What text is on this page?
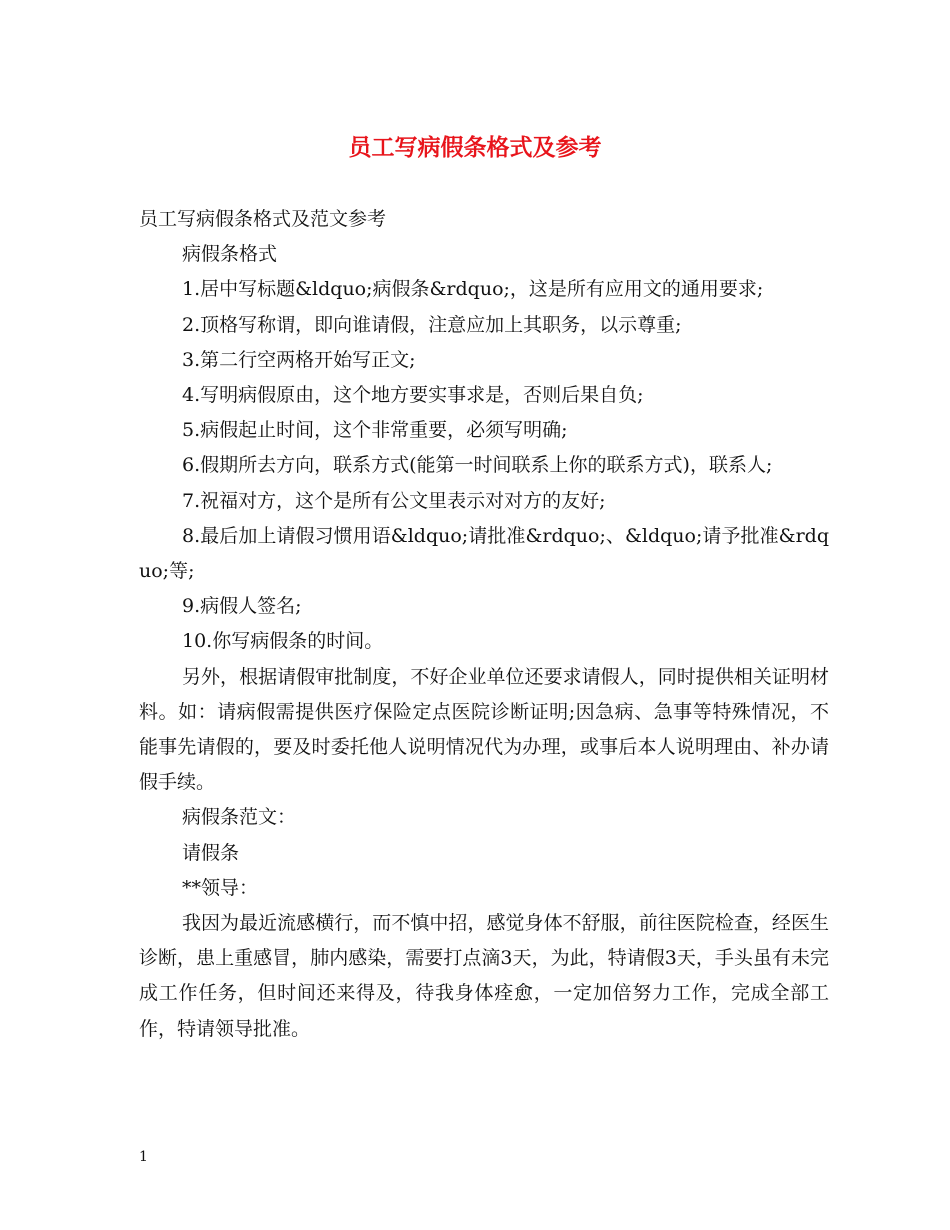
员工写病假条格式及参考

员工写病假条格式及范文参考

病假条格式

1.居中写标题&ldquo;病假条&rdquo;，这是所有应用文的通用要求;

2.顶格写称谓，即向谁请假，注意应加上其职务，以示尊重;

3.第二行空两格开始写正文;

4.写明病假原由，这个地方要实事求是，否则后果自负;

5.病假起止时间，这个非常重要，必须写明确;

6.假期所去方向，联系方式(能第一时间联系上你的联系方式)，联系人;

7.祝福对方，这个是所有公文里表示对对方的友好;

8.最后加上请假习惯用语&ldquo;请批准&rdquo;、&ldquo;请予批准&rdquo;等;

9.病假人签名;

10.你写病假条的时间。

另外，根据请假审批制度，不好企业单位还要求请假人，同时提供相关证明材料。如：请病假需提供医疗保险定点医院诊断证明;因急病、急事等特殊情况，不能事先请假的，要及时委托他人说明情况代为办理，或事后本人说明理由、补办请假手续。

病假条范文：

请假条

**领导：

我因为最近流感横行，而不慎中招，感觉身体不舒服，前往医院检查，经医生诊断，患上重感冒，肺内感染，需要打点滴3天，为此，特请假3天，手头虽有未完成工作任务，但时间还来得及，待我身体痊愈，一定加倍努力工作，完成全部工作，特请领导批准。

1
